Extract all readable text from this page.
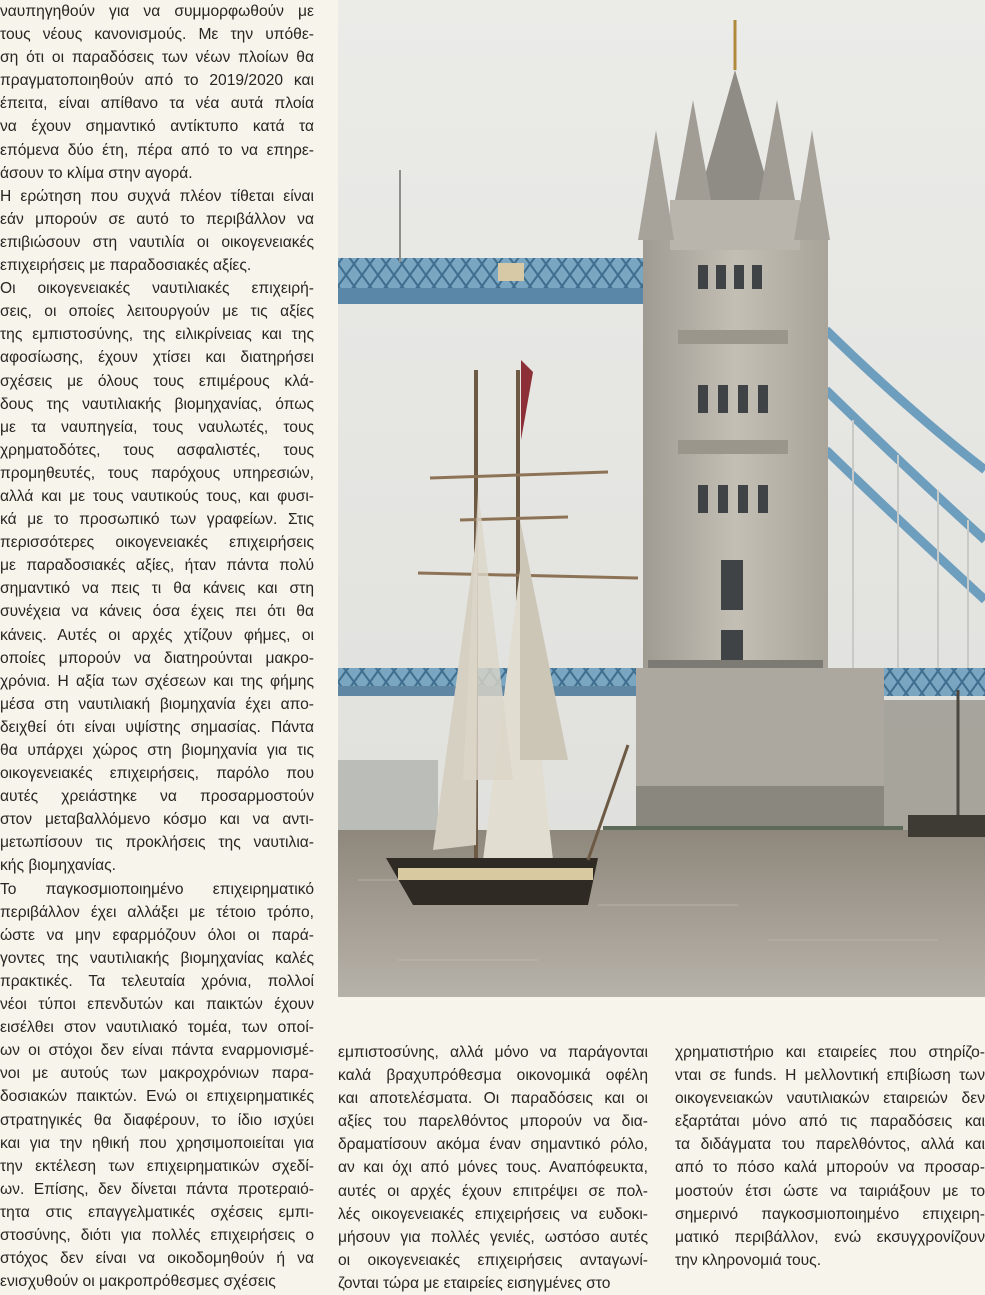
ναυπηγηθούν για να συμμορφωθούν με
τους νέους κανονισμούς. Με την υπόθε-
ση ότι οι παραδόσεις των νέων πλοίων θα
πραγματοποιηθούν από το 2019/2020 και
έπειτα, είναι απίθανο τα νέα αυτά πλοία
να έχουν σημαντικό αντίκτυπο κατά τα
επόμενα δύο έτη, πέρα από το να επηρε-
άσουν το κλίμα στην αγορά.

Η ερώτηση που συχνά πλέον τίθεται είναι
εάν μπορούν σε αυτό το περιβάλλον να
επιβιώσουν στη ναυτιλία οι οικογενειακές
επιχειρήσεις με παραδοσιακές αξίες.

Οι οικογενειακές ναυτιλιακές επιχειρή-
σεις, οι οποίες λειτουργούν με τις αξίες
της εμπιστοσύνης, της ειλικρίνειας και της
αφοσίωσης, έχουν χτίσει και διατηρήσει
σχέσεις με όλους τους επιμέρους κλά-
δους της ναυτιλιακής βιομηχανίας, όπως
με τα ναυπηγεία, τους ναυλωτές, τους
χρηματοδότες, τους ασφαλιστές, τους
προμηθευτές, τους παρόχους υπηρεσιών,
αλλά και με τους ναυτικούς τους, και φυσι-
κά με το προσωπικό των γραφείων. Στις
περισσότερες οικογενειακές επιχειρήσεις
με παραδοσιακές αξίες, ήταν πάντα πολύ
σημαντικό να πεις τι θα κάνεις και στη
συνέχεια να κάνεις όσα έχεις πει ότι θα
κάνεις. Αυτές οι αρχές χτίζουν φήμες, οι
οποίες μπορούν να διατηρούνται μακρο-
χρόνια. Η αξία των σχέσεων και της φήμης
μέσα στη ναυτιλιακή βιομηχανία έχει απο-
δειχθεί ότι είναι υψίστης σημασίας. Πάντα
θα υπάρχει χώρος στη βιομηχανία για τις
οικογενειακές επιχειρήσεις, παρόλο που
αυτές χρειάστηκε να προσαρμοστούν
στον μεταβαλλόμενο κόσμο και να αντι-
μετωπίσουν τις προκλήσεις της ναυτιλια-
κής βιομηχανίας.

Το παγκοσμιοποιημένο επιχειρηματικό
περιβάλλον έχει αλλάξει με τέτοιο τρόπο,
ώστε να μην εφαρμόζουν όλοι οι παρά-
γοντες της ναυτιλιακής βιομηχανίας καλές
πρακτικές. Τα τελευταία χρόνια, πολλοί
νέοι τύποι επενδυτών και παικτών έχουν
εισέλθει στον ναυτιλιακό τομέα, των οποί-
ων οι στόχοι δεν είναι πάντα εναρμονισμέ-
νοι με αυτούς των μακροχρόνιων παρα-
δοσιακών παικτών. Ενώ οι επιχειρηματικές
στρατηγικές θα διαφέρουν, το ίδιο ισχύει
και για την ηθική που χρησιμοποιείται για
την εκτέλεση των επιχειρηματικών σχεδί-
ων. Επίσης, δεν δίνεται πάντα προτεραιό-
τητα στις επαγγελματικές σχέσεις εμπι-
στοσύνης, διότι για πολλές επιχειρήσεις ο
στόχος δεν είναι να οικοδομηθούν ή να
ενισχυθούν οι μακροπρόθεσμες σχέσεις

εμπιστοσύνης, αλλά μόνο να παράγονται
καλά βραχυπρόθεσμα οικονομικά οφέλη
και αποτελέσματα. Οι παραδόσεις και οι
αξίες του παρελθόντος μπορούν να δια-
δραματίσουν ακόμα έναν σημαντικό ρόλο,
αν και όχι από μόνες τους. Αναπόφευκτα,
αυτές οι αρχές έχουν επιτρέψει σε πολ-
λές οικογενειακές επιχειρήσεις να ευδοκι-
μήσουν για πολλές γενιές, ωστόσο αυτές
οι οικογενειακές επιχειρήσεις ανταγωνί-
ζονται τώρα με εταιρείες εισηγμένες στο

χρηματιστήριο και εταιρείες που στηρίζο-
νται σε funds. Η μελλοντική επιβίωση των
οικογενειακών ναυτιλιακών εταιρειών δεν
εξαρτάται μόνο από τις παραδόσεις και
τα διδάγματα του παρελθόντος, αλλά και
από το πόσο καλά μπορούν να προσαρ-
μοστούν έτσι ώστε να ταιριάξουν με το
σημερινό παγκοσμιοποιημένο επιχειρη-
ματικό περιβάλλον, ενώ εκσυγχρονίζουν
την κληρονομιά τους.
